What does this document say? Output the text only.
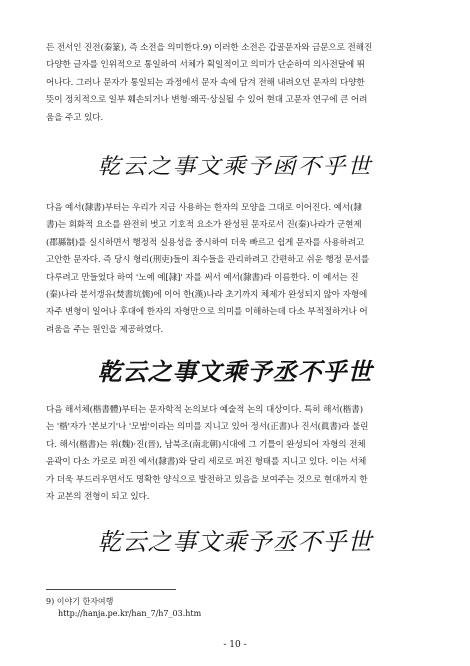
든 전서인 진전(秦篆), 즉 소전을 의미한다.9) 이러한 소전은 갑골문자와 금문으로 전해진
다양한 글자를 인위적으로 통일하여 서체가 획일적이고 의미가 단순하여 의사전달에 뛰
어나다. 그러나 문자가 통일되는 과정에서 문자 속에 담겨 전해 내려오던 문자의 다양한
뜻이 정치적으로 일부 훼손되거나 변형·왜곡·상실될 수 있어 현대 고문자 연구에 큰 어려
움을 주고 있다.
乾云之事文乘予函不乎世
다음 예서(隸書)부터는 우리가 지금 사용하는 한자의 모양을 그대로 이어진다. 예서(隸
書)는 회화적 요소를 완전히 벗고 기호적 요소가 완성된 문자로서 진(秦)나라가 군현제
(郡縣制)를 실시하면서 행정적 실용성을 중시하여 더욱 빠르고 쉽게 문자를 사용하려고
고안한 문자다. 즉 당시 형리(刑吏)들이 죄수들을 관리하려고 간편하고 쉬운 행정 문서를
다루려고 만들었다 하여 '노예 예[隷]' 자를 써서 예서(隸書)라 이름한다. 이 예서는 진
(秦)나라 분서갱유(焚書坑儒)에 이어 한(漢)나라 초기까지 체제가 완성되지 않아 자형에
자주 변형이 일어나 후대에 한자의 자형만으로 의미를 이해하는데 다소 부적절하거나 어
려움을 주는 원인을 제공하였다.
乾云之事文乘予丞不乎世
다음 해서체(楷書體)부터는 문자학적 논의보다 예술적 논의 대상이다. 특히 해서(楷書)
는 '楷'자가 '본보기'나 '모범'이라는 의미를 지니고 있어 정서(正書)나 진서(眞書)라 불린
다. 해서(楷書)는 위(魏)·진(晉), 남북조(南北朝)시대에 그 기틀이 완성되어 자형의 전체
윤곽이 다소 가로로 퍼진 예서(隸書)와 달리 세로로 퍼진 형태를 지니고 있다. 이는 서체
가 더욱 부드러우면서도 명확한 양식으로 발전하고 있음을 보여주는 것으로 현대까지 한
자 교본의 전형이 되고 있다.
乾云之事文乘予丞不乎世
9) 이야기 한자여행
http://hanja.pe.kr/han_7/h7_03.htm
- 10 -
